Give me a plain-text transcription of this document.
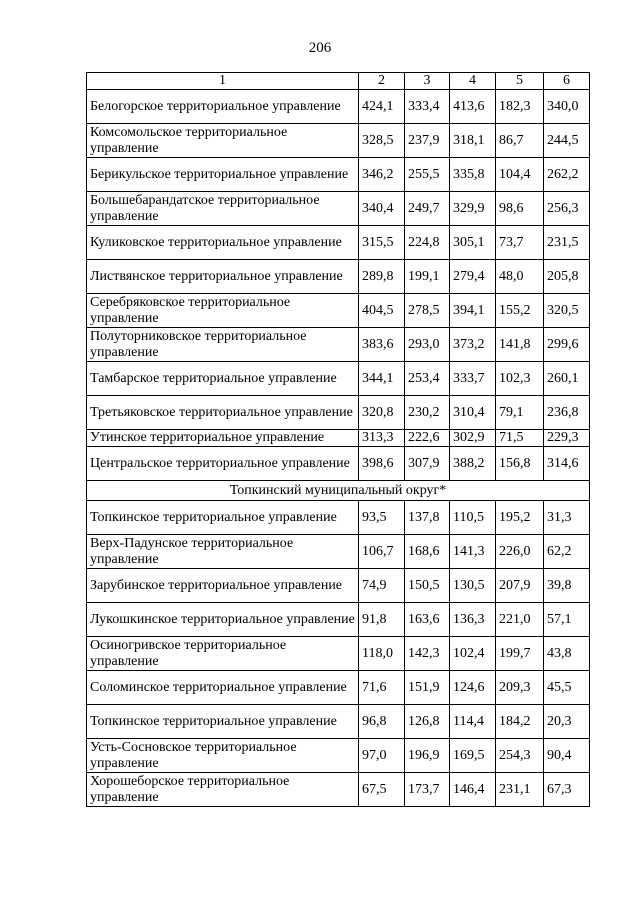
206
1	2	3	4	5	6
Белогорское территориальное управление	424,1	333,4	413,6	182,3	340,0
Комсомольское территориальное управление	328,5	237,9	318,1	86,7	244,5
Берикульское территориальное управление	346,2	255,5	335,8	104,4	262,2
Большебарандатское территориальное управление	340,4	249,7	329,9	98,6	256,3
Куликовское территориальное управление	315,5	224,8	305,1	73,7	231,5
Листвянское территориальное управление	289,8	199,1	279,4	48,0	205,8
Серебряковское территориальное управление	404,5	278,5	394,1	155,2	320,5
Полуторниковское территориальное управление	383,6	293,0	373,2	141,8	299,6
Тамбарское территориальное управление	344,1	253,4	333,7	102,3	260,1
Третьяковское территориальное управление	320,8	230,2	310,4	79,1	236,8
Утинское территориальное управление	313,3	222,6	302,9	71,5	229,3
Центральское территориальное управление	398,6	307,9	388,2	156,8	314,6
Топкинский муниципальный округ*					
Топкинское территориальное управление	93,5	137,8	110,5	195,2	31,3
Верх-Падунское территориальное управление	106,7	168,6	141,3	226,0	62,2
Зарубинское территориальное управление	74,9	150,5	130,5	207,9	39,8
Лукошкинское территориальное управление	91,8	163,6	136,3	221,0	57,1
Осиногривское территориальное управление	118,0	142,3	102,4	199,7	43,8
Соломинское территориальное управление	71,6	151,9	124,6	209,3	45,5
Топкинское территориальное управление	96,8	126,8	114,4	184,2	20,3
Усть-Сосновское территориальное управление	97,0	196,9	169,5	254,3	90,4
Хорошеборское территориальное управление	67,5	173,7	146,4	231,1	67,3
